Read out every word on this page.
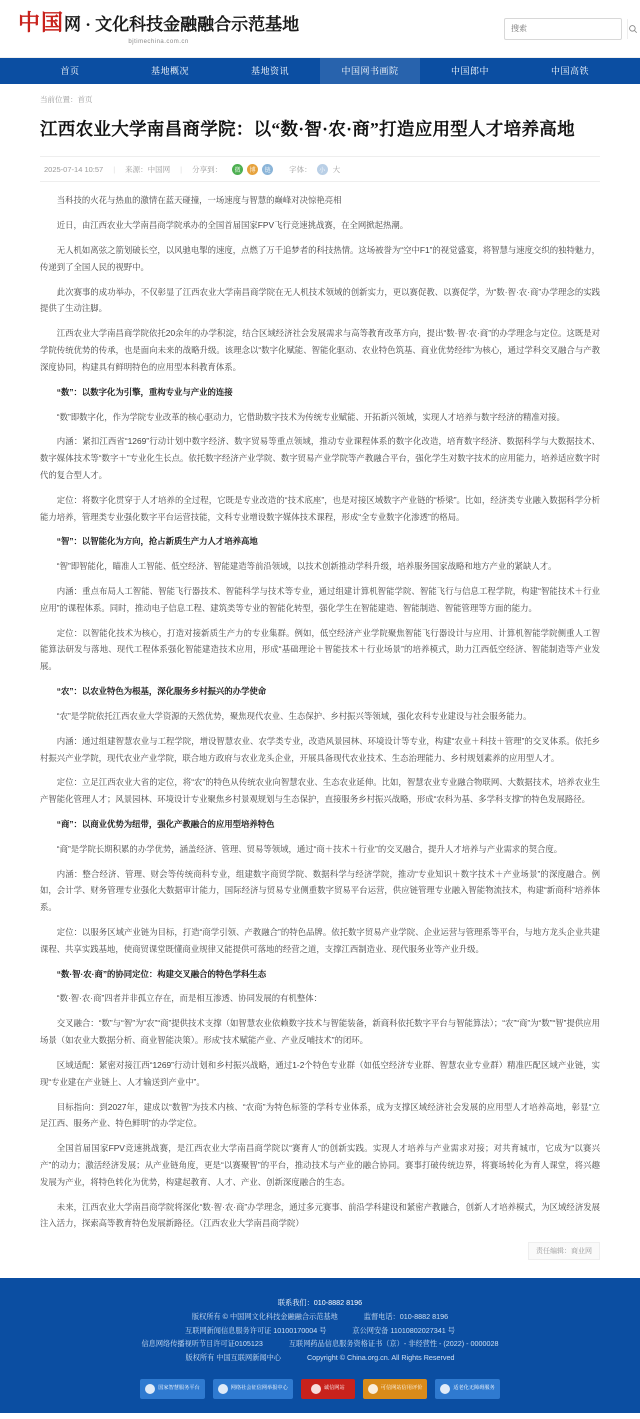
中国 网 · 文化科技金融融合示范基地
bjtimechina.com.cn
搜索
首页	基地概况	基地资讯	中国网书画院	中国郎中	中国高铁
当前位置：首页
江西农业大学南昌商学院：以“数·智·农·商”打造应用型人才培养高地
2025-07-14 10:57 | 来源：中国网 | 分享到：	微	博	链	字体：	小	大

当科技的火花与热血的激情在蓝天碰撞，一场速度与智慧的巅峰对决惊艳亮相

近日，由江西农业大学南昌商学院承办的全国首届国家FPV飞行竞速挑战赛，在全网掀起热潮。

无人机如离弦之箭划破长空，以风驰电掣的速度，点燃了万千追梦者的科技热情。这场被誉为“空中F1”的视觉盛宴，将智慧与速度交织的独特魅力，传递到了全国人民的视野中。

此次赛事的成功举办，不仅彰显了江西农业大学南昌商学院在无人机技术领域的创新实力，更以赛促教、以赛促学，为“数·智·农·商”办学理念的实践提供了生动注脚。

江西农业大学南昌商学院依托20余年的办学积淀，结合区域经济社会发展需求与高等教育改革方向，提出“数·智·农·商”的办学理念与定位。这既是对学院传统优势的传承，也是面向未来的战略升级。该理念以“数字化赋能、智能化驱动、农业特色筑基、商业优势经纬”为核心，通过学科交叉融合与产教深度协同，构建具有鲜明特色的应用型本科教育体系。

“数”：以数字化为引擎，重构专业与产业的连接

“数”即数字化，作为学院专业改革的核心驱动力，它借助数字技术为传统专业赋能、开拓新兴领域，实现人才培养与数字经济的精准对接。

内涵：紧扣江西省“1269”行动计划中数字经济、数字贸易等重点领域，推动专业课程体系的数字化改造，培育数字经济、数据科学与大数据技术、数字媒体技术等“数字＋”专业化生长点。依托数字经济产业学院、数字贸易产业学院等产教融合平台，强化学生对数字技术的应用能力，培养适应数字时代的复合型人才。

定位：将数字化贯穿于人才培养的全过程，它既是专业改造的“技术底座”，也是对接区域数字产业链的“桥梁”。比如，经济类专业融入数据科学分析能力培养，管理类专业强化数字平台运营技能，文科专业增设数字媒体技术课程，形成“全专业数字化渗透”的格局。

“智”：以智能化为方向，抢占新质生产力人才培养高地

“智”即智能化，瞄准人工智能、低空经济、智能建造等前沿领域，以技术创新推动学科升级，培养服务国家战略和地方产业的紧缺人才。

内涵：重点布局人工智能、智能飞行器技术、智能科学与技术等专业，通过组建计算机智能学院、智能飞行与信息工程学院，构建“智能技术＋行业应用”的课程体系。同时，推动电子信息工程、建筑类等专业的智能化转型，强化学生在智能建造、智能制造、智能管理等方面的能力。

定位：以智能化技术为核心，打造对接新质生产力的专业集群。例如，低空经济产业学院聚焦智能飞行器设计与应用、计算机智能学院侧重人工智能算法研发与落地、现代工程体系强化智能建造技术应用，形成“基础理论＋智能技术＋行业场景”的培养模式，助力江西低空经济、智能制造等产业发展。

“农”：以农业特色为根基，深化服务乡村振兴的办学使命

“农”是学院依托江西农业大学资源的天然优势，聚焦现代农业、生态保护、乡村振兴等领域，强化农科专业建设与社会服务能力。

内涵：通过组建智慧农业与工程学院，增设智慧农业、农学类专业，改造风景园林、环境设计等专业，构建“农业＋科技＋管理”的交叉体系。依托乡村振兴产业学院，现代农业产业学院，联合地方政府与农业龙头企业，开展具备现代农业技术、生态治理能力、乡村规划素养的应用型人才。

定位：立足江西农业大省的定位，将“农”的特色从传统农业向智慧农业、生态农业延伸。比如，智慧农业专业融合物联网、大数据技术，培养农业生产智能化管理人才；风景园林、环境设计专业聚焦乡村景观规划与生态保护，直接服务乡村振兴战略，形成“农科为基、多学科支撑”的特色发展路径。

“商”：以商业优势为纽带，强化产教融合的应用型培养特色

“商”是学院长期积累的办学优势，涵盖经济、管理、贸易等领域，通过“商＋技术＋行业”的交叉融合，提升人才培养与产业需求的契合度。

内涵：整合经济、管理、财会等传统商科专业，组建数字商贸学院、数据科学与经济学院，推动“专业知识＋数字技术＋产业场景”的深度融合。例如，会计学、财务管理专业强化大数据审计能力，国际经济与贸易专业侧重数字贸易平台运营，供应链管理专业融入智能物流技术，构建“新商科”培养体系。

定位：以服务区域产业链为目标，打造“商学引领、产教融合”的特色品牌。依托数字贸易产业学院、企业运营与管理系等平台，与地方龙头企业共建课程、共享实践基地，使商贸课堂既懂商业规律又能提供可落地的经营之道，支撑江西制造业、现代服务业等产业升级。

“数·智·农·商”的协同定位：构建交叉融合的特色学科生态

“数·智·农·商”四者并非孤立存在，而是相互渗透、协同发展的有机整体：

交叉融合：“数”与“智”为“农”“商”提供技术支撑（如智慧农业依赖数字技术与智能装备，新商科依托数字平台与智能算法）；“农”“商”为“数”“智”提供应用场景（如农业大数据分析、商业智能决策）。形成“技术赋能产业、产业反哺技术”的闭环。

区域适配：紧密对接江西“1269”行动计划和乡村振兴战略，通过1-2个特色专业群（如低空经济专业群、智慧农业专业群）精准匹配区域产业链，实现“专业建在产业链上、人才输送到产业中”。

目标指向：到2027年，建成以“数智”为技术内核、“农商”为特色标签的学科专业体系，成为支撑区域经济社会发展的应用型人才培养高地，彰显“立足江西、服务产业、特色鲜明”的办学定位。

全国首届国家FPV竞速挑战赛，是江西农业大学南昌商学院以“赛育人”的创新实践。实现人才培养与产业需求对接；对共育城市，它成为“以赛兴产”的动力；激活经济发展；从产业链角度，更是“以赛聚智”的平台，推动技术与产业的融合协同。赛事打破传统边界，将赛场转化为育人课堂，将兴趣发展为产业，将特色转化为优势，构建起教育、人才、产业、创新深度融合的生态。

未来，江西农业大学南昌商学院将深化“数·智·农·商”办学理念，通过多元赛事、前沿学科建设和紧密产教融合，创新人才培养模式，为区域经济发展注入活力，探索高等教育特色发展新路径。（江西农业大学南昌商学院）

责任编辑：商业网
联系我们：010-8882 8196
版权所有 © 中国网文化科技金融融合示范基地	监督电话：010-8882 8196
互联网新闻信息服务许可证 10100170004 号	京公网安备 11010802027341 号
信息网络传播视听节目许可证0105123	互联网药品信息服务资格证书（京）- 非经营性 - (2022) - 0000028
版权所有 中国互联网新闻中心	Copyright © China.org.cn. All Rights Reserved
国家智慧服务平台	网络社会征信网举报中心	诚信网站	可信网站信用评价	适老化无障碍服务
